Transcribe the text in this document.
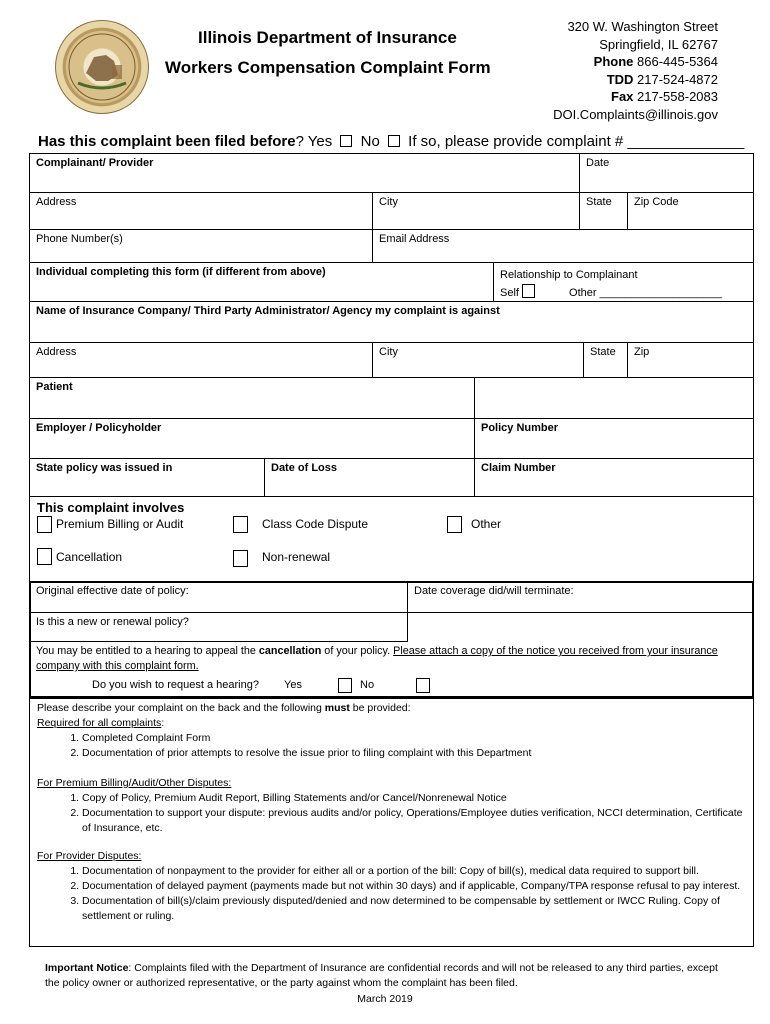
Illinois Department of Insurance
Workers Compensation Complaint Form
320 W. Washington Street
Springfield, IL 62767
Phone 866-445-5364
TDD 217-524-4872
Fax 217-558-2083
DOI.Complaints@illinois.gov
Has this complaint been filed before? Yes No If so, please provide complaint # ______________
Complainant/ Provider	Date
Address	City	State	Zip Code
Phone Number(s)	Email Address
Individual completing this form (if different from above)	Relationship to Complainant
Self	Other ____________________
Name of Insurance Company/ Third Party Administrator/ Agency my complaint is against
Address	City	State	Zip
Patient
Employer / Policyholder	Policy Number
State policy was issued in	Date of Loss	Claim Number
This complaint involves
Premium Billing or Audit	Class Code Dispute	Other
Cancellation	Non-renewal
Original effective date of policy:	Date coverage did/will terminate:
Is this a new or renewal policy?
You may be entitled to a hearing to appeal the cancellation of your policy. Please attach a copy of the notice you received from your insurance company with this complaint form.
Do you wish to request a hearing? Yes	No
Please describe your complaint on the back and the following must be provided:
Required for all complaints:
1. Completed Complaint Form
2. Documentation of prior attempts to resolve the issue prior to filing complaint with this Department
For Premium Billing/Audit/Other Disputes:
1. Copy of Policy, Premium Audit Report, Billing Statements and/or Cancel/Nonrenewal Notice
2. Documentation to support your dispute: previous audits and/or policy, Operations/Employee duties verification, NCCI determination, Certificate of Insurance, etc.
For Provider Disputes:
1. Documentation of nonpayment to the provider for either all or a portion of the bill: Copy of bill(s), medical data required to support bill.
2. Documentation of delayed payment (payments made but not within 30 days) and if applicable, Company/TPA response refusal to pay interest.
3. Documentation of bill(s)/claim previously disputed/denied and now determined to be compensable by settlement or IWCC Ruling. Copy of settlement or ruling.
Important Notice: Complaints filed with the Department of Insurance are confidential records and will not be released to any third parties, except the policy owner or authorized representative, or the party against whom the complaint has been filed.
March 2019
